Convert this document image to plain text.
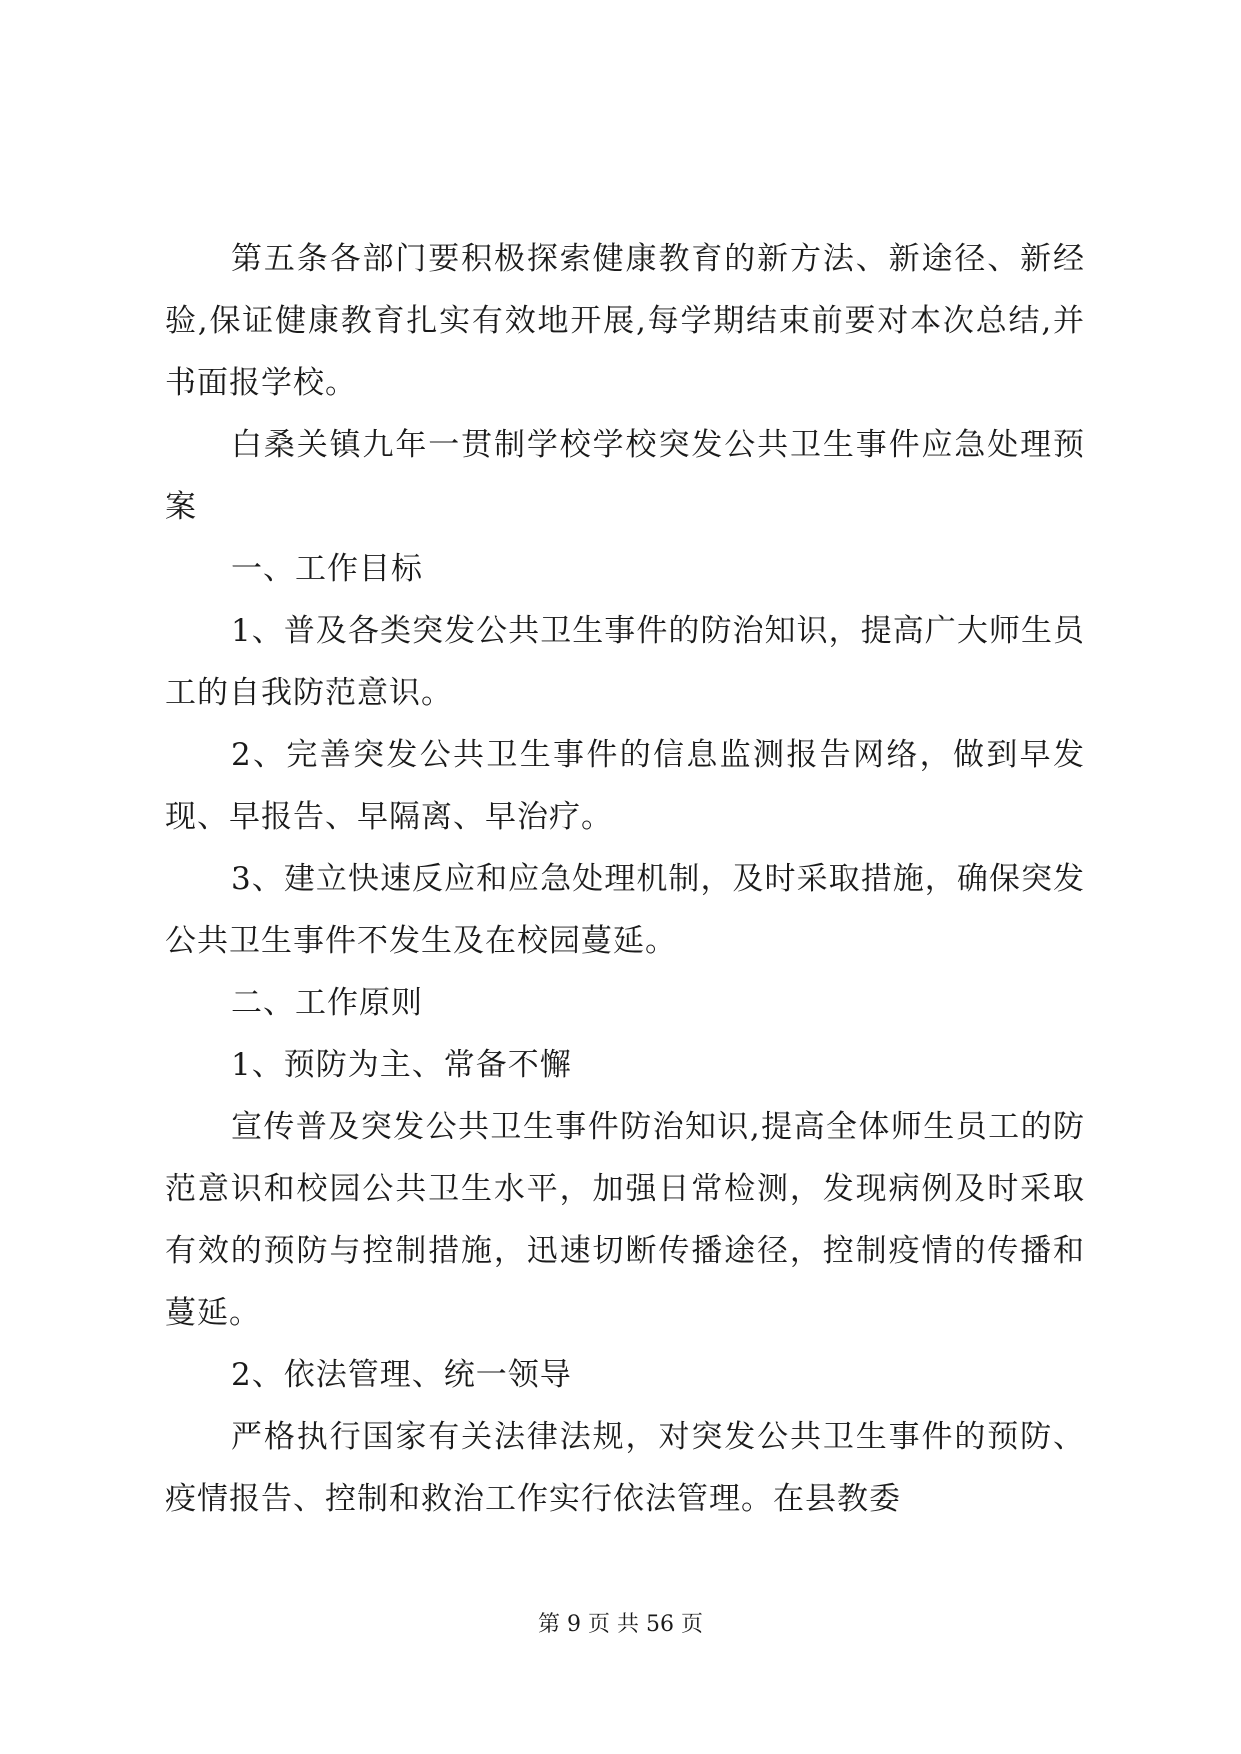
第五条各部门要积极探索健康教育的新方法、新途径、新经验,保证健康教育扎实有效地开展,每学期结束前要对本次总结,并书面报学校。

白桑关镇九年一贯制学校学校突发公共卫生事件应急处理预案

一、工作目标

1、普及各类突发公共卫生事件的防治知识，提高广大师生员工的自我防范意识。

2、完善突发公共卫生事件的信息监测报告网络，做到早发现、早报告、早隔离、早治疗。

3、建立快速反应和应急处理机制，及时采取措施，确保突发公共卫生事件不发生及在校园蔓延。

二、工作原则

1、预防为主、常备不懈

宣传普及突发公共卫生事件防治知识,提高全体师生员工的防范意识和校园公共卫生水平，加强日常检测，发现病例及时采取有效的预防与控制措施，迅速切断传播途径，控制疫情的传播和蔓延。

2、依法管理、统一领导

严格执行国家有关法律法规，对突发公共卫生事件的预防、疫情报告、控制和救治工作实行依法管理。在县教委

第 9 页 共 56 页
